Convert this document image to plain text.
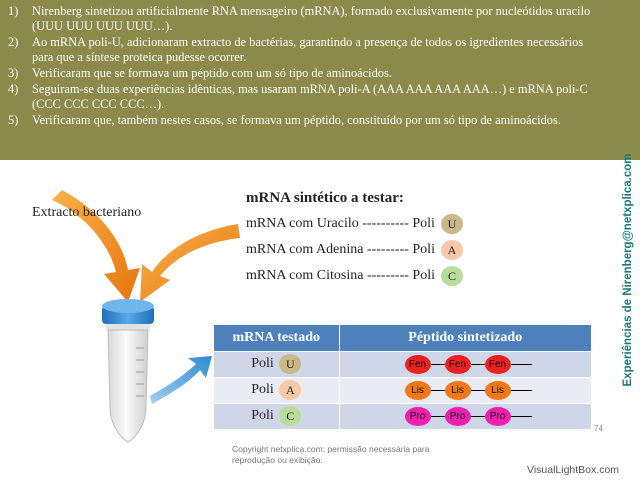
1)	Nirenberg sintetizou artificialmente RNA mensageiro (mRNA), formado exclusivamente por nucleótidos uracilo (UUU UUU UUU UUU…).
2)	Ao mRNA poli-U, adicionaram extracto de bactérias, garantindo a presença de todos os igredientes necessários para que a síntese proteica pudesse ocorrer.
3)	Verificaram que se formava um péptido com um só tipo de aminoácidos.
4)	Seguiram-se duas experiências idênticas, mas usaram mRNA poli-A (AAA AAA AAA AAA…) e mRNA poli-C (CCC CCC CCC CCC…).
5)	Verificaram que, também nestes casos, se formava um péptido, constituído por um só tipo de aminoácidos.
Experiências de Nirenberg@netxplica.com
Extracto bacteriano
mRNA sintético a testar:
mRNA com Uracilo ---------- Poli	U
mRNA com Adenina --------- Poli	A
mRNA com Citosina --------- Poli	C
mRNA testado	Péptido sintetizado
Poli U	Fen Fen Fen

Poli A	Lis Lis Lis

Poli C	Pro Pro Pro
Copyright netxplica.com: permissão necessária para reprodução ou exibição.
74
VisualLightBox.com
